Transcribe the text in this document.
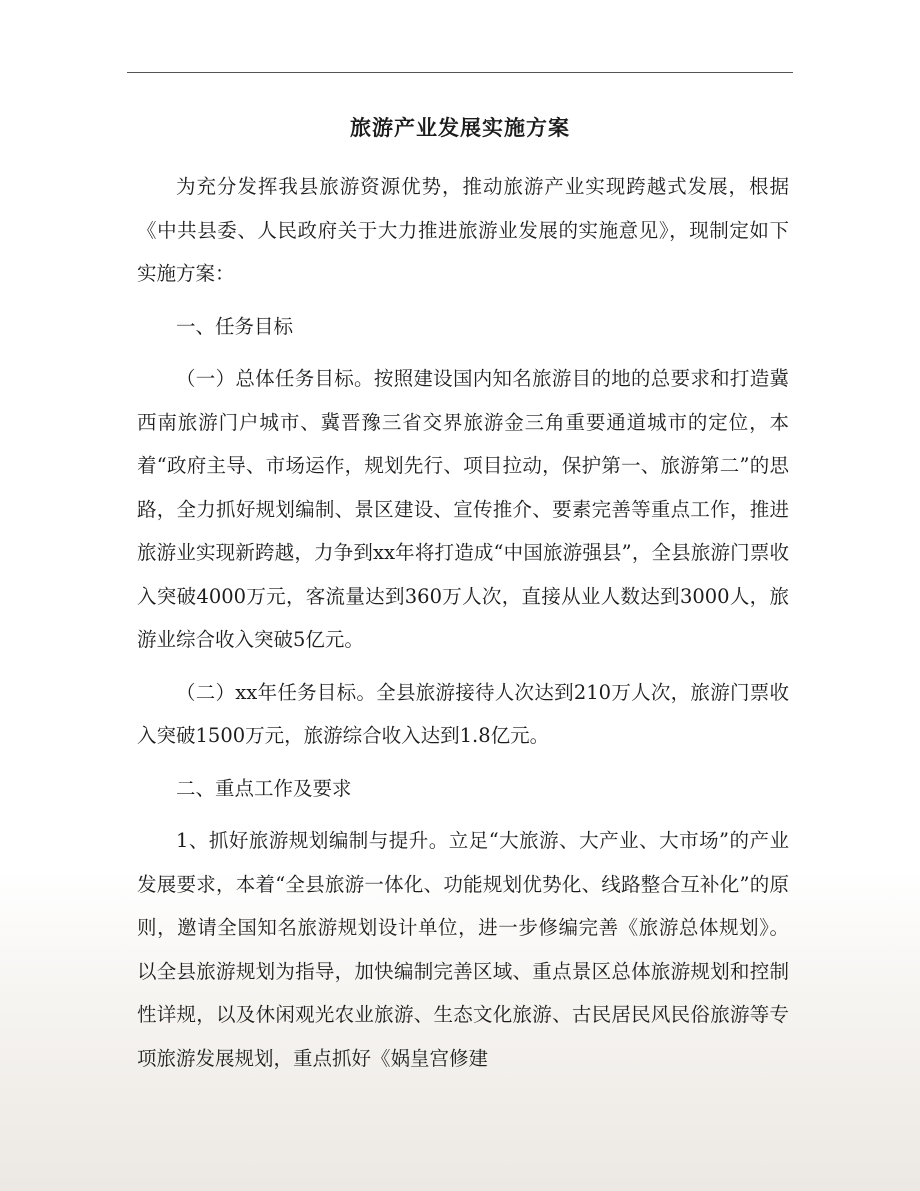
旅游产业发展实施方案

为充分发挥我县旅游资源优势，推动旅游产业实现跨越式发展，根据《中共县委、人民政府关于大力推进旅游业发展的实施意见》，现制定如下实施方案：

一、任务目标

（一）总体任务目标。按照建设国内知名旅游目的地的总要求和打造冀西南旅游门户城市、冀晋豫三省交界旅游金三角重要通道城市的定位，本着“政府主导、市场运作，规划先行、项目拉动，保护第一、旅游第二”的思路，全力抓好规划编制、景区建设、宣传推介、要素完善等重点工作，推进旅游业实现新跨越，力争到xx年将打造成“中国旅游强县”，全县旅游门票收入突破4000万元，客流量达到360万人次，直接从业人数达到3000人，旅游业综合收入突破5亿元。

（二）xx年任务目标。全县旅游接待人次达到210万人次，旅游门票收入突破1500万元，旅游综合收入达到1.8亿元。

二、重点工作及要求

1、抓好旅游规划编制与提升。立足“大旅游、大产业、大市场”的产业发展要求，本着“全县旅游一体化、功能规划优势化、线路整合互补化”的原则，邀请全国知名旅游规划设计单位，进一步修编完善《旅游总体规划》。以全县旅游规划为指导，加快编制完善区域、重点景区总体旅游规划和控制性详规，以及休闲观光农业旅游、生态文化旅游、古民居民风民俗旅游等专项旅游发展规划，重点抓好《娲皇宫修建
